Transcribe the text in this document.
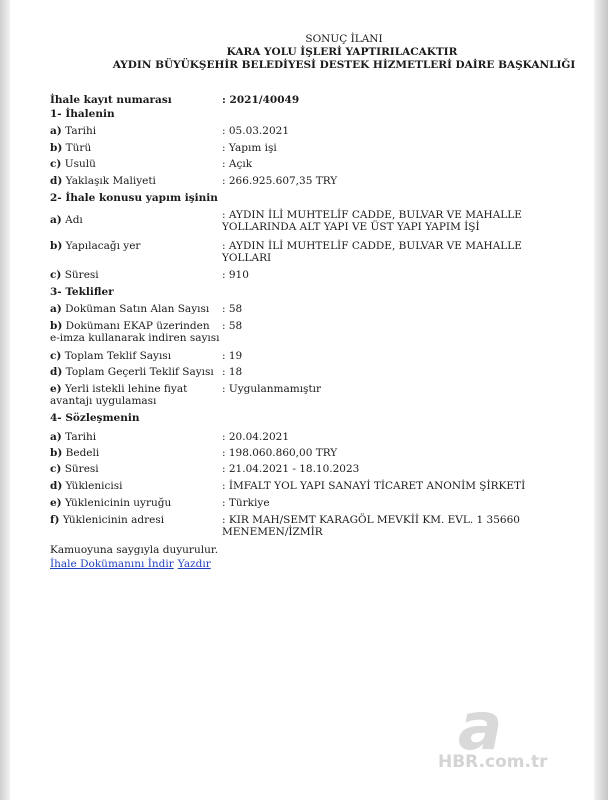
SONUÇ İLANI
KARA YOLU İŞLERİ YAPTIRILACAKTIR
AYDIN BÜYÜKŞEHİR BELEDİYESİ DESTEK HİZMETLERİ DAİRE BAŞKANLIĞI
İhale kayıt numarası	: 2021/40049
1- İhalenin
a) Tarihi	: 05.03.2021
b) Türü	: Yapım işi
c) Usulü	: Açık
d) Yaklaşık Maliyeti	: 266.925.607,35 TRY
2- İhale konusu yapım işinin
a) Adı	: AYDIN İLİ MUHTELİF CADDE, BULVAR VE MAHALLE YOLLARINDA ALT YAPI VE ÜST YAPI YAPIM İŞİ
b) Yapılacağı yer	: AYDIN İLİ MUHTELİF CADDE, BULVAR VE MAHALLE YOLLARI
c) Süresi	: 910
3- Teklifler
a) Doküman Satın Alan Sayısı	: 58
b) Dokümanı EKAP üzerinden e-imza kullanarak indiren sayısı
: 58
c) Toplam Teklif Sayısı	: 19
d) Toplam Geçerli Teklif Sayısı : 18
e) Yerli istekli lehine fiyat avantajı uygulaması
: Uygulanmamıştır
4- Sözleşmenin
a) Tarihi	: 20.04.2021
b) Bedeli	: 198.060.860,00 TRY
c) Süresi	: 21.04.2021 - 18.10.2023
d) Yüklenicisi	: İMFALT YOL YAPI SANAYİ TİCARET ANONİM ŞİRKETİ
e) Yüklenicinin uyruğu	: Türkiye
f) Yüklenicinin adresi	: KIR MAH/SEMT KARAGÖL MEVKİİ KM. EVL. 1 35660 MENEMEN/İZMİR
Kamuoyuna saygıyla duyurulur.
İhale Dokümanını İndir Yazdır
a
HBR.com.tr
